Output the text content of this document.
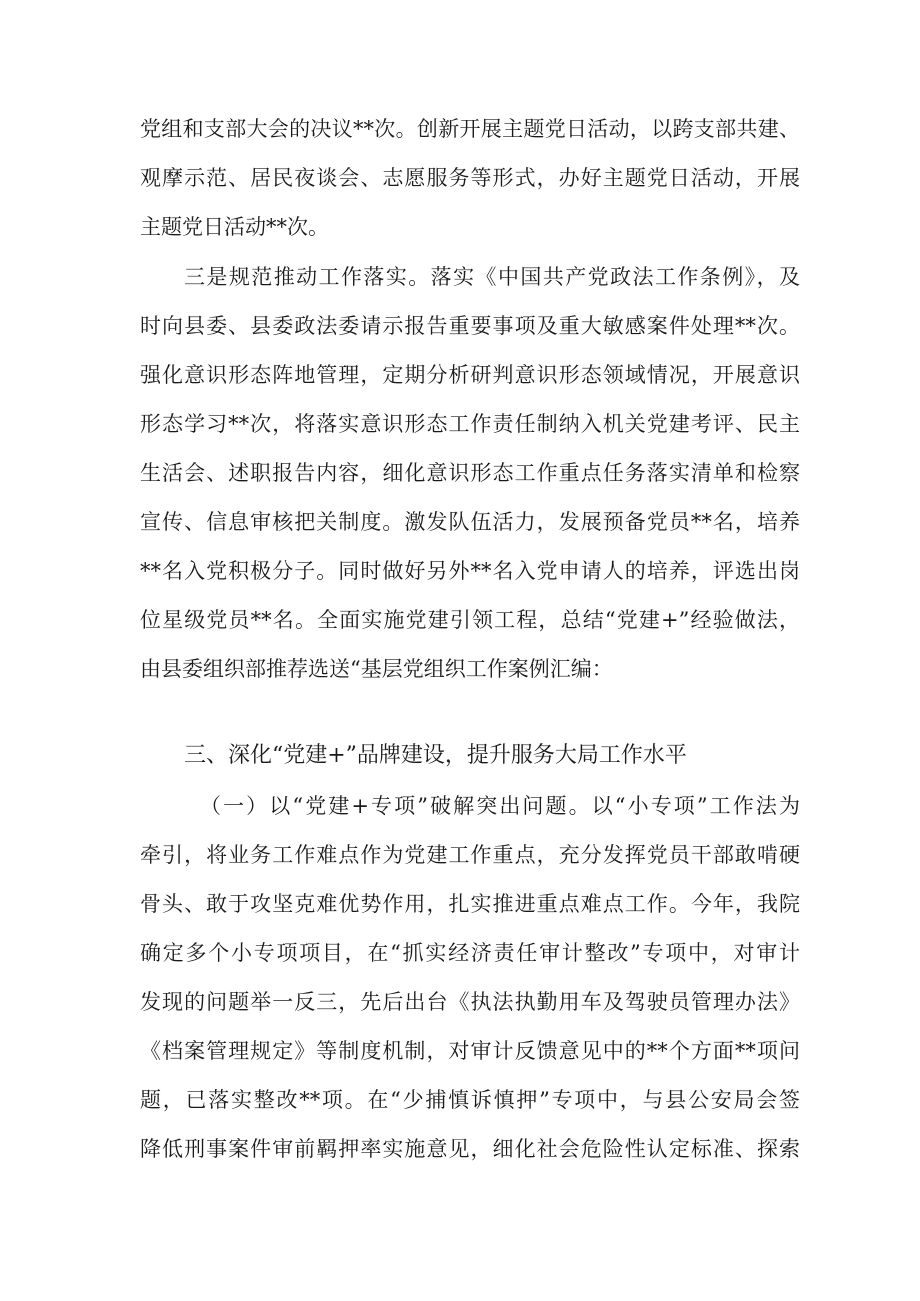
党组和支部大会的决议**次。创新开展主题党日活动，以跨支部共建、
观摩示范、居民夜谈会、志愿服务等形式，办好主题党日活动，开展
主题党日活动**次。
三是规范推动工作落实。落实《中国共产党政法工作条例》，及
时向县委、县委政法委请示报告重要事项及重大敏感案件处理**次。
强化意识形态阵地管理，定期分析研判意识形态领域情况，开展意识
形态学习**次，将落实意识形态工作责任制纳入机关党建考评、民主
生活会、述职报告内容，细化意识形态工作重点任务落实清单和检察
宣传、信息审核把关制度。激发队伍活力，发展预备党员**名，培养
**名入党积极分子。同时做好另外**名入党申请人的培养，评选出岗
位星级党员**名。全面实施党建引领工程，总结“党建+”经验做法，
由县委组织部推荐选送“基层党组织工作案例汇编：
三、深化“党建+”品牌建设，提升服务大局工作水平
（一）以“党建+专项”破解突出问题。以“小专项”工作法为
牵引，将业务工作难点作为党建工作重点，充分发挥党员干部敢啃硬
骨头、敢于攻坚克难优势作用，扎实推进重点难点工作。今年，我院
确定多个小专项项目，在“抓实经济责任审计整改”专项中，对审计
发现的问题举一反三，先后出台《执法执勤用车及驾驶员管理办法》
《档案管理规定》等制度机制，对审计反馈意见中的**个方面**项问
题，已落实整改**项。在“少捕慎诉慎押”专项中，与县公安局会签
降低刑事案件审前羁押率实施意见，细化社会危险性认定标准、探索
